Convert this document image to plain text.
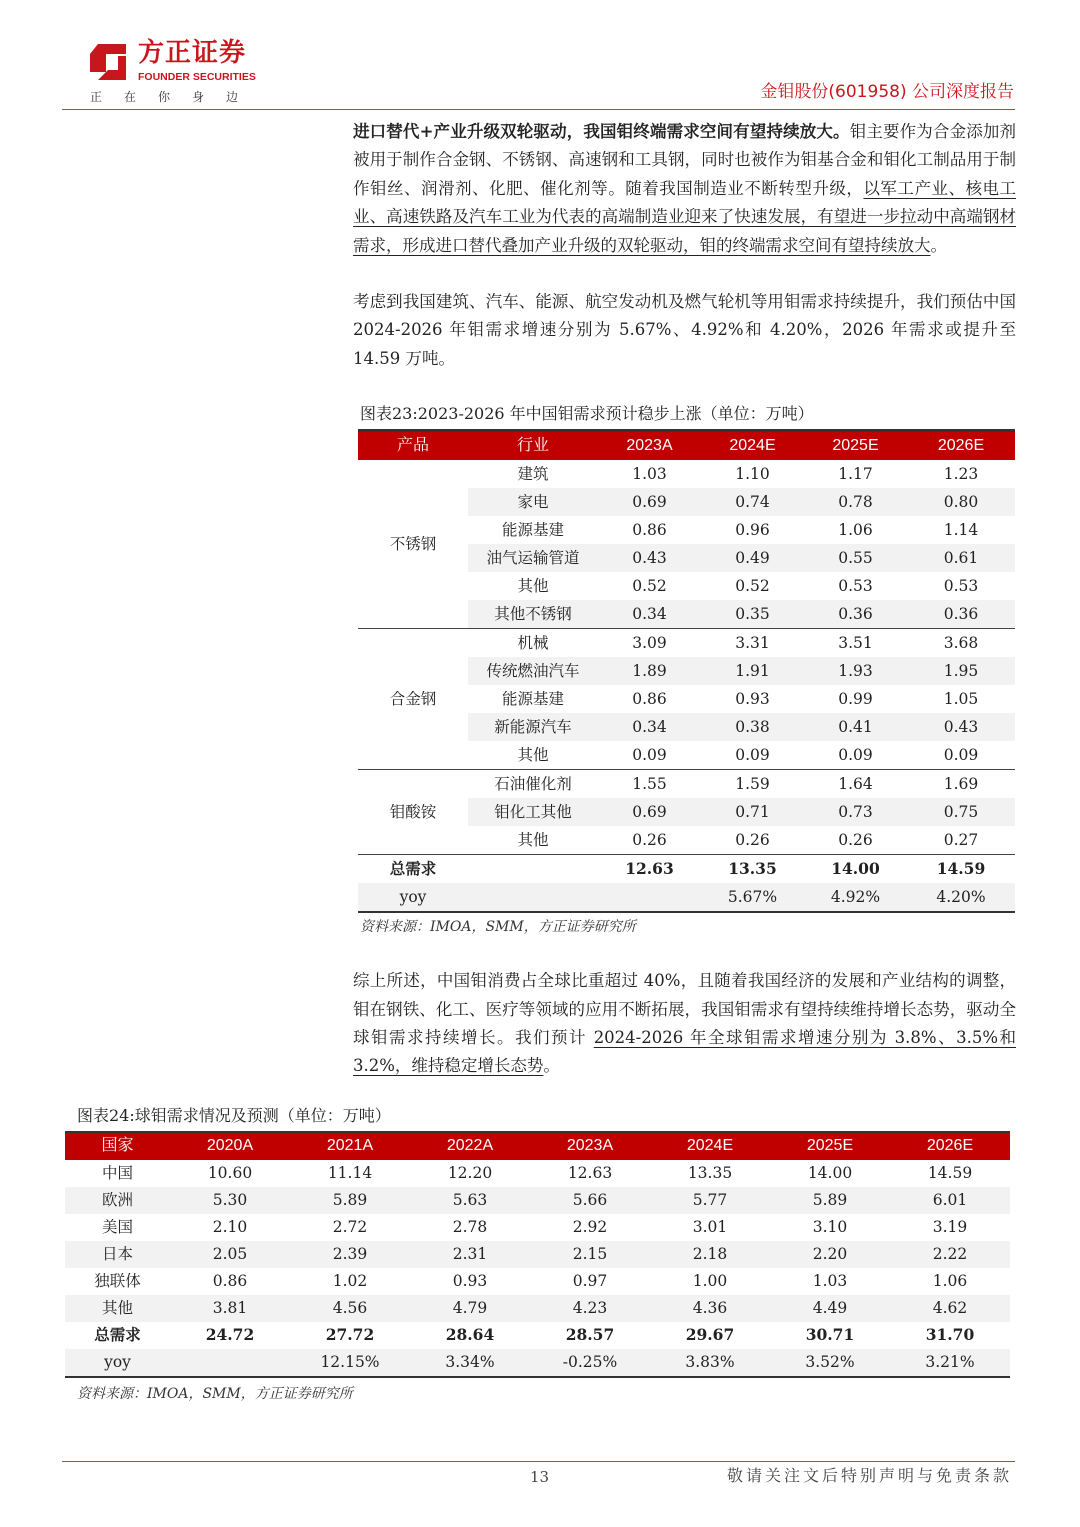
方正证券
FOUNDER SECURITIES
正在你身边	金钼股份(601958) 公司深度报告
进口替代+产业升级双轮驱动，我国钼终端需求空间有望持续放大。钼主要作为合金添加剂被用于制作合金钢、不锈钢、高速钢和工具钢，同时也被作为钼基合金和钼化工制品用于制作钼丝、润滑剂、化肥、催化剂等。随着我国制造业不断转型升级，以军工产业、核电工业、高速铁路及汽车工业为代表的高端制造业迎来了快速发展，有望进一步拉动中高端钢材需求，形成进口替代叠加产业升级的双轮驱动，钼的终端需求空间有望持续放大。
考虑到我国建筑、汽车、能源、航空发动机及燃气轮机等用钼需求持续提升，我们预估中国 2024-2026 年钼需求增速分别为 5.67%、4.92%和 4.20%，2026 年需求或提升至 14.59 万吨。
图表23:2023-2026 年中国钼需求预计稳步上涨（单位：万吨）
产品	行业	2023A	2024E	2025E	2026E
不锈钢	建筑	1.03	1.10	1.17	1.23
	家电	0.69	0.74	0.78	0.80
	能源基建	0.86	0.96	1.06	1.14
	油气运输管道	0.43	0.49	0.55	0.61
	其他	0.52	0.52	0.53	0.53
	其他不锈钢	0.34	0.35	0.36	0.36
合金钢	机械	3.09	3.31	3.51	3.68
	传统燃油汽车	1.89	1.91	1.93	1.95
	能源基建	0.86	0.93	0.99	1.05
	新能源汽车	0.34	0.38	0.41	0.43
	其他	0.09	0.09	0.09	0.09
钼酸铵	石油催化剂	1.55	1.59	1.64	1.69
	钼化工其他	0.69	0.71	0.73	0.75
	其他	0.26	0.26	0.26	0.27
总需求		12.63	13.35	14.00	14.59
yoy			5.67%	4.92%	4.20%
资料来源：IMOA，SMM，方正证券研究所
综上所述，中国钼消费占全球比重超过 40%，且随着我国经济的发展和产业结构的调整，钼在钢铁、化工、医疗等领域的应用不断拓展，我国钼需求有望持续维持增长态势，驱动全球钼需求持续增长。我们预计 2024-2026 年全球钼需求增速分别为 3.8%、3.5%和 3.2%，维持稳定增长态势。
图表24:球钼需求情况及预测（单位：万吨）
国家	2020A	2021A	2022A	2023A	2024E	2025E	2026E
中国	10.60	11.14	12.20	12.63	13.35	14.00	14.59
欧洲	5.30	5.89	5.63	5.66	5.77	5.89	6.01
美国	2.10	2.72	2.78	2.92	3.01	3.10	3.19
日本	2.05	2.39	2.31	2.15	2.18	2.20	2.22
独联体	0.86	1.02	0.93	0.97	1.00	1.03	1.06
其他	3.81	4.56	4.79	4.23	4.36	4.49	4.62
总需求	24.72	27.72	28.64	28.57	29.67	30.71	31.70
yoy		12.15%	3.34%	-0.25%	3.83%	3.52%	3.21%
资料来源：IMOA，SMM，方正证券研究所
13	敬请关注文后特别声明与免责条款
